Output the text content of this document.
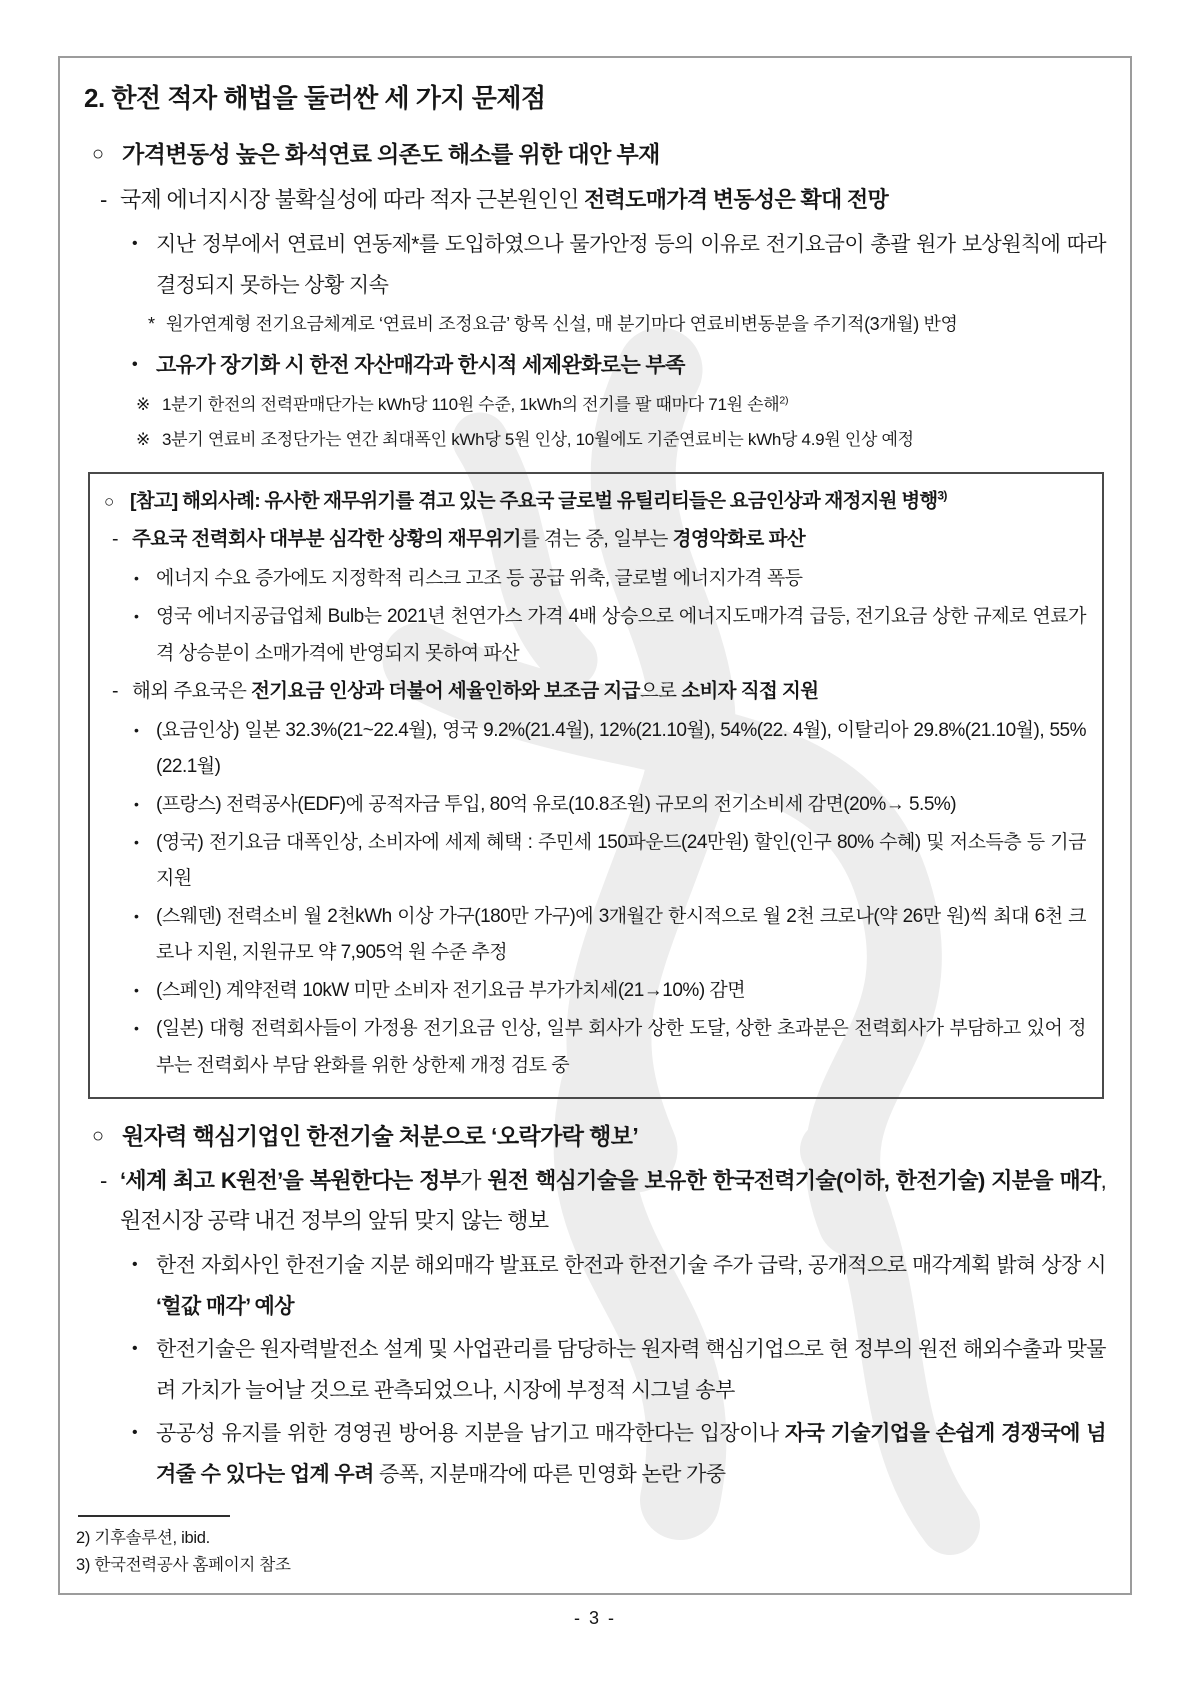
2. 한전 적자 해법을 둘러싼 세 가지 문제점
○ 가격변동성 높은 화석연료 의존도 해소를 위한 대안 부재
- 국제 에너지시장 불확실성에 따라 적자 근본원인인 전력도매가격 변동성은 확대 전망
• 지난 정부에서 연료비 연동제*를 도입하였으나 물가안정 등의 이유로 전기요금이 총괄 원가 보상원칙에 따라 결정되지 못하는 상황 지속
* 원가연계형 전기요금체계로 ‘연료비 조정요금’ 항목 신설, 매 분기마다 연료비변동분을 주기적(3개월) 반영
• 고유가 장기화 시 한전 자산매각과 한시적 세제완화로는 부족
※ 1분기 한전의 전력판매단가는 kWh당 110원 수준, 1kWh의 전기를 팔 때마다 71원 손해$^{2)}$
※ 3분기 연료비 조정단가는 연간 최대폭인 kWh당 5원 인상, 10월에도 기준연료비는 kWh당 4.9원 인상 예정
○ [참고] 해외사례: 유사한 재무위기를 겪고 있는 주요국 글로벌 유틸리티들은 요금인상과 재정지원 병행$^{3)}$
- 주요국 전력회사 대부분 심각한 상황의 재무위기를 겪는 중, 일부는 경영악화로 파산
• 에너지 수요 증가에도 지정학적 리스크 고조 등 공급 위축, 글로벌 에너지가격 폭등
• 영국 에너지공급업체 Bulb는 2021년 천연가스 가격 4배 상승으로 에너지도매가격 급등, 전기요금 상한 규제로 연료가격 상승분이 소매가격에 반영되지 못하여 파산
- 해외 주요국은 전기요금 인상과 더불어 세율인하와 보조금 지급으로 소비자 직접 지원
• (요금인상) 일본 32.3%(21~22.4월), 영국 9.2%(21.4월), 12%(21.10월), 54%(22. 4월), 이탈리아 29.8%(21.10월), 55%(22.1월)
• (프랑스) 전력공사(EDF)에 공적자금 투입, 80억 유로(10.8조원) 규모의 전기소비세 감면(20%→ 5.5%)
• (영국) 전기요금 대폭인상, 소비자에 세제 혜택 : 주민세 150파운드(24만원) 할인(인구 80% 수혜) 및 저소득층 등 기금 지원
• (스웨덴) 전력소비 월 2천kWh 이상 가구(180만 가구)에 3개월간 한시적으로 월 2천 크로나(약 26만 원)씩 최대 6천 크로나 지원, 지원규모 약 7,905억 원 수준 추정
• (스페인) 계약전력 10kW 미만 소비자 전기요금 부가가치세(21→10%) 감면
• (일본) 대형 전력회사들이 가정용 전기요금 인상, 일부 회사가 상한 도달, 상한 초과분은 전력회사가 부담하고 있어 정부는 전력회사 부담 완화를 위한 상한제 개정 검토 중
○ 원자력 핵심기업인 한전기술 처분으로 ‘오락가락 행보’
- ‘세계 최고 K원전’을 복원한다는 정부가 원전 핵심기술을 보유한 한국전력기술(이하, 한전기술) 지분을 매각, 원전시장 공략 내건 정부의 앞뒤 맞지 않는 행보
• 한전 자회사인 한전기술 지분 해외매각 발표로 한전과 한전기술 주가 급락, 공개적으로 매각계획 밝혀 상장 시 ‘헐값 매각’ 예상
• 한전기술은 원자력발전소 설계 및 사업관리를 담당하는 원자력 핵심기업으로 현 정부의 원전 해외수출과 맞물려 가치가 늘어날 것으로 관측되었으나, 시장에 부정적 시그널 송부
• 공공성 유지를 위한 경영권 방어용 지분을 남기고 매각한다는 입장이나 자국 기술기업을 손쉽게 경쟁국에 넘겨줄 수 있다는 업계 우려 증폭, 지분매각에 따른 민영화 논란 가중
2) 기후솔루션, ibid.
3) 한국전력공사 홈페이지 참조
- 3 -
